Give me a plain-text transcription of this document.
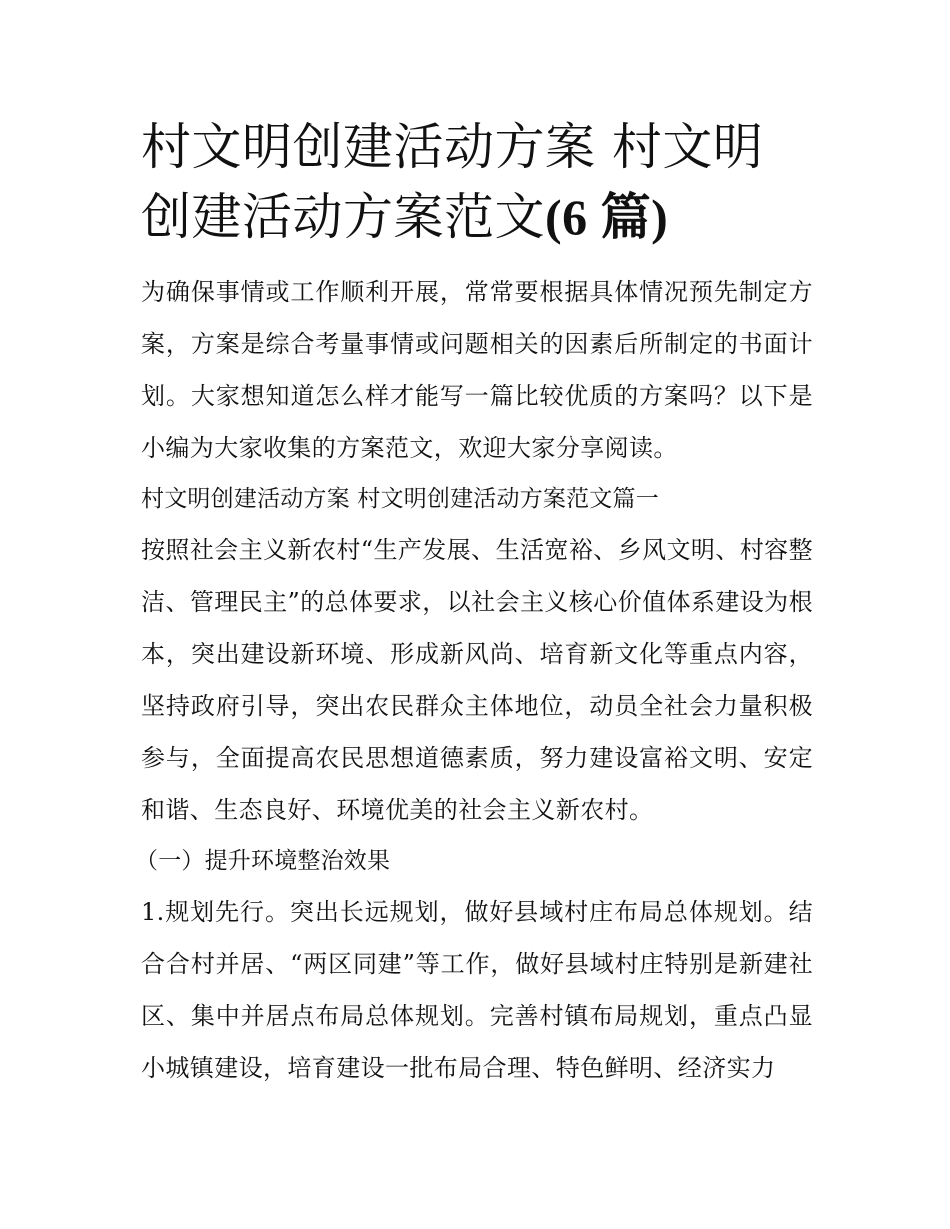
村文明创建活动方案 村文明创建活动方案范文(6 篇)

为确保事情或工作顺利开展，常常要根据具体情况预先制定方案，方案是综合考量事情或问题相关的因素后所制定的书面计划。大家想知道怎么样才能写一篇比较优质的方案吗？以下是小编为大家收集的方案范文，欢迎大家分享阅读。

村文明创建活动方案 村文明创建活动方案范文篇一

按照社会主义新农村“生产发展、生活宽裕、乡风文明、村容整洁、管理民主”的总体要求，以社会主义核心价值体系建设为根本，突出建设新环境、形成新风尚、培育新文化等重点内容，坚持政府引导，突出农民群众主体地位，动员全社会力量积极参与，全面提高农民思想道德素质，努力建设富裕文明、安定和谐、生态良好、环境优美的社会主义新农村。

（一）提升环境整治效果

1.规划先行。突出长远规划，做好县域村庄布局总体规划。结合合村并居、“两区同建”等工作，做好县域村庄特别是新建社区、集中并居点布局总体规划。完善村镇布局规划，重点凸显小城镇建设，培育建设一批布局合理、特色鲜明、经济实力
